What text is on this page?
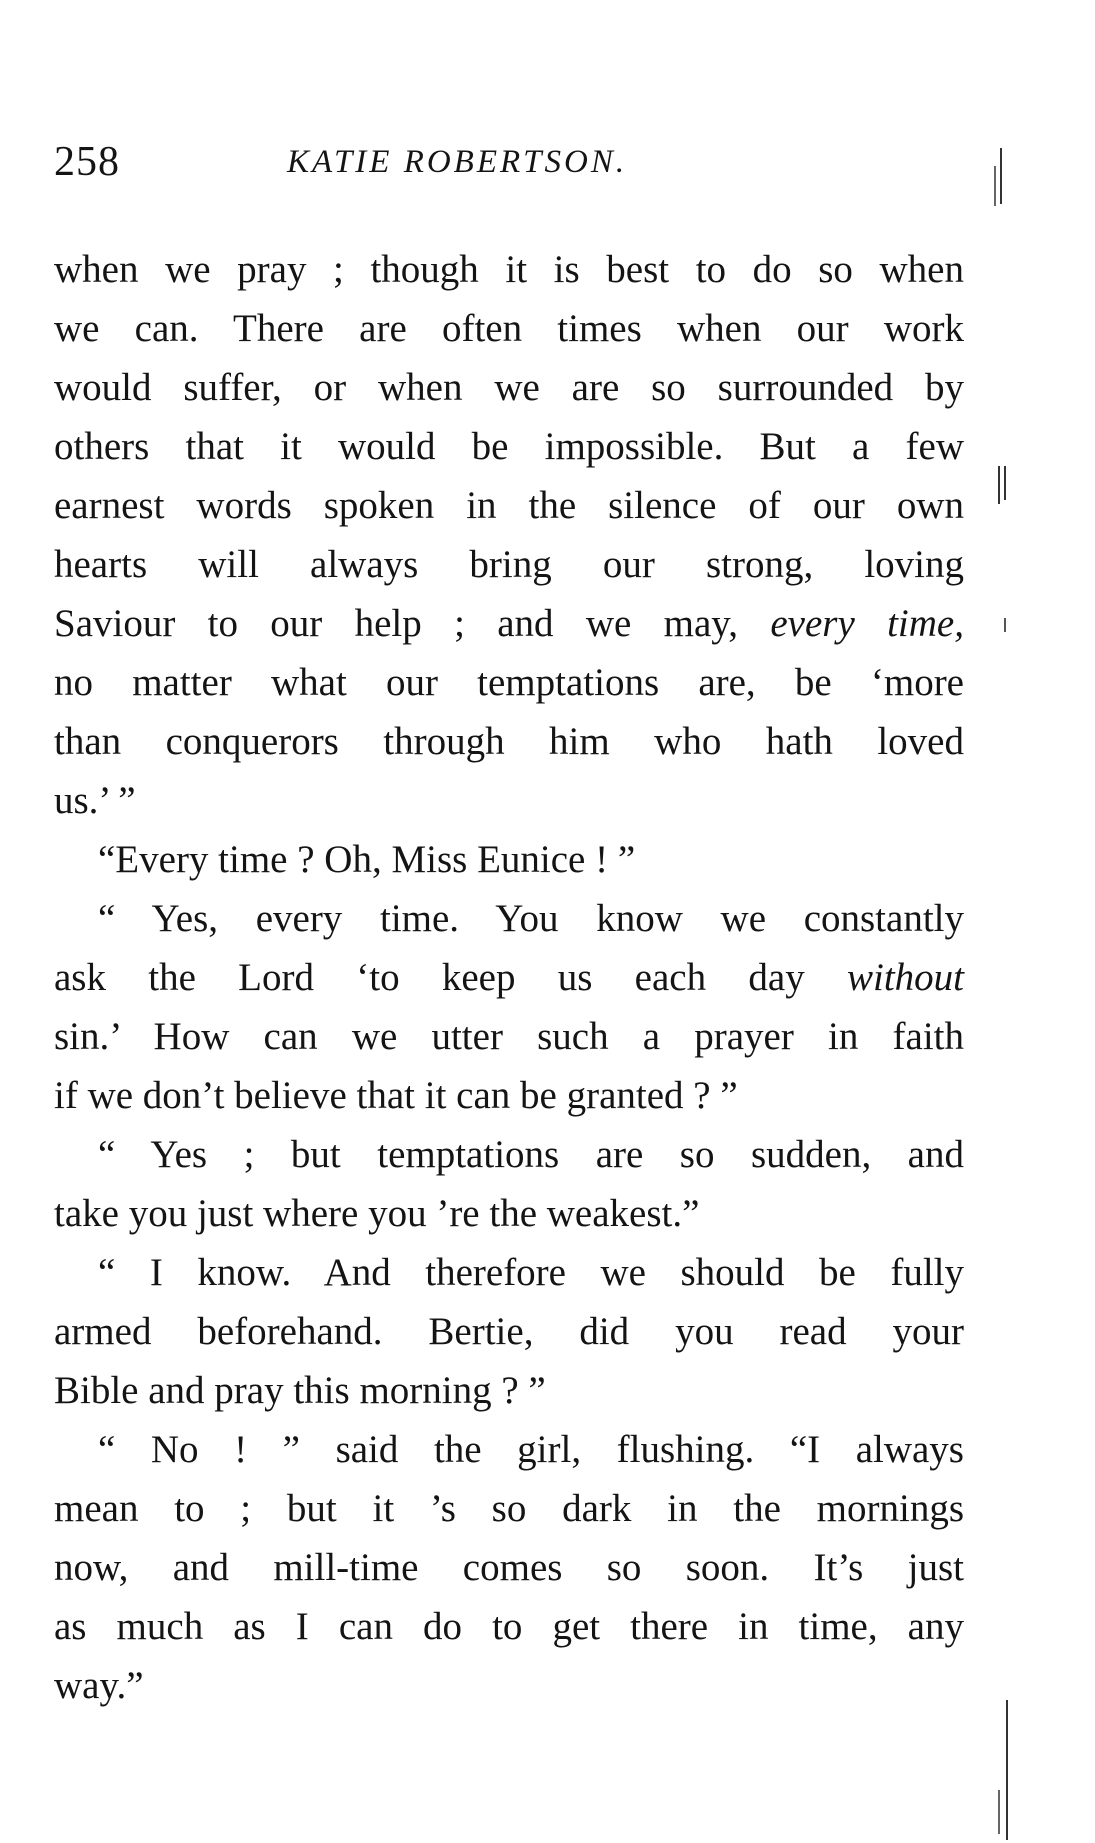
258	KATIE ROBERTSON.
when we pray ; though it is best to do so when
we can. There are often times when our work
would suffer, or when we are so surrounded by
others that it would be impossible. But a few
earnest words spoken in the silence of our own
hearts will always bring our strong, loving
Saviour to our help ; and we may, every time,
no matter what our temptations are, be ‘more
than conquerors through him who hath loved
us.’ ”
“Every time ? Oh, Miss Eunice ! ”
“ Yes, every time. You know we constantly
ask the Lord ‘to keep us each day without
sin.’ How can we utter such a prayer in faith
if we don’t believe that it can be granted ? ”
“ Yes ; but temptations are so sudden, and
take you just where you ’re the weakest.”
“ I know. And therefore we should be fully
armed beforehand. Bertie, did you read your
Bible and pray this morning ? ”
“ No ! ” said the girl, flushing. “I always
mean to ; but it ’s so dark in the mornings
now, and mill-time comes so soon. It’s just
as much as I can do to get there in time, any
way.”
